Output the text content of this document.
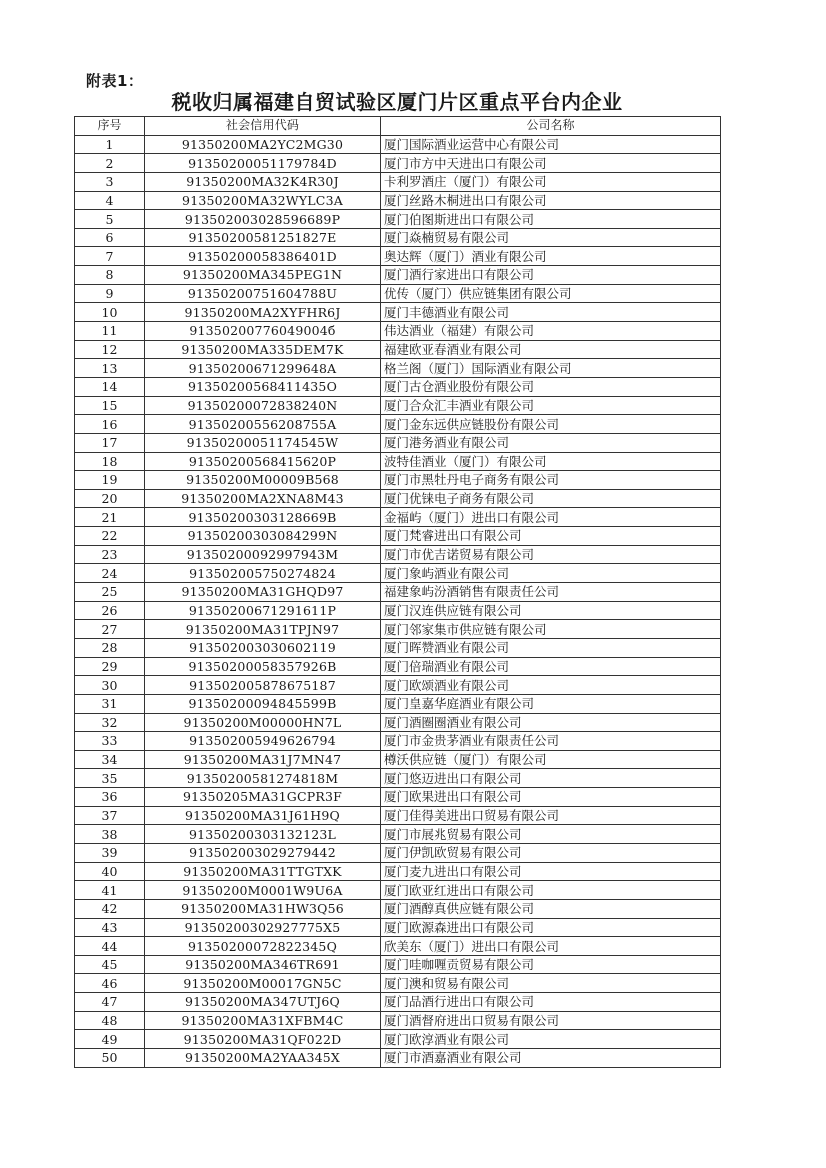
附表1：
税收归属福建自贸试验区厦门片区重点平台内企业
序号	社会信用代码	公司名称
1	91350200MA2YC2MG30	厦门国际酒业运营中心有限公司
2	91350200051179784D	厦门市方中天进出口有限公司
3	91350200MA32K4R30J	卡利罗酒庄（厦门）有限公司
4	91350200MA32WYLC3A	厦门丝路木桐进出口有限公司
5	913502003028596689P	厦门伯图斯进出口有限公司
6	91350200581251827E	厦门焱楠贸易有限公司
7	91350200058386401D	奥达辉（厦门）酒业有限公司
8	91350200MA345PEG1N	厦门酒行家进出口有限公司
9	91350200751604788U	优传（厦门）供应链集团有限公司
10	91350200MA2XYFHR6J	厦门丰德酒业有限公司
11	91350200776049004б	伟达酒业（福建）有限公司
12	91350200MA335DEM7K	福建欧亚春酒业有限公司
13	91350200671299648A	格兰阁（厦门）国际酒业有限公司
14	91350200568411435O	厦门古仓酒业股份有限公司
15	91350200072838240N	厦门合众汇丰酒业有限公司
16	91350200556208755A	厦门金东远供应链股份有限公司
17	91350200051174545W	厦门港务酒业有限公司
18	91350200568415620P	波特佳酒业（厦门）有限公司
19	91350200M00009B568	厦门市黑牡丹电子商务有限公司
20	91350200MA2XNA8M43	厦门优铼电子商务有限公司
21	91350200303128669B	金福屿（厦门）进出口有限公司
22	91350200303084299N	厦门梵睿进出口有限公司
23	91350200092997943M	厦门市优吉诺贸易有限公司
24	913502005750274824	厦门象屿酒业有限公司
25	91350200MA31GHQD97	福建象屿汾酒销售有限责任公司
26	91350200671291611P	厦门汉连供应链有限公司
27	91350200MA31TPJN97	厦门邻家集市供应链有限公司
28	91350200303060211​9	厦门晖赞酒业有限公司
29	91350200058357926B	厦门倍瑞酒业有限公司
30	913502005878675187	厦门欧颂酒业有限公司
31	91350200094845599B	厦门皇嘉华庭酒业有限公司
32	91350200M00000HN7L	厦门酒圈圈酒业有限公司
33	913502005949626794	厦门市金贵茅酒业有限责任公司
34	91350200MA31J7MN47	樽沃供应链（厦门）有限公司
35	91350200581274818M	厦门悠迈进出口有限公司
36	91350205MA31GCPR3F	厦门欧果进出口有限公司
37	91350200MA31J61H9Q	厦门佳得美进出口贸易有限公司
38	91350200303132123L	厦门市展兆贸易有限公司
39	91350200302927944​2	厦门伊凯欧贸易有限公司
40	91350200MA31TTGTXK	厦门麦九进出口有限公司
41	91350200M0001W9U6A	厦门欧亚红进出口有限公司
42	91350200MA31HW3Q56	厦门酒醇真供应链有限公司
43	91350200302927775X5	厦门欧源森进出口有限公司
44	91350200072822345Q	欣美东（厦门）进出口有限公司
45	91350200MA346TR691	厦门哇咖喱贡贸易有限公司
46	91350200M00017GN5C	厦门澳和贸易有限公司
47	91350200MA347UTJ6Q	厦门品酒行进出口有限公司
48	91350200MA31XFBM4C	厦门酒督府进出口贸易有限公司
49	91350200MA31QF022D	厦门欧淳酒业有限公司
50	91350200MA2YAA345X	厦门市酒嘉酒业有限公司
